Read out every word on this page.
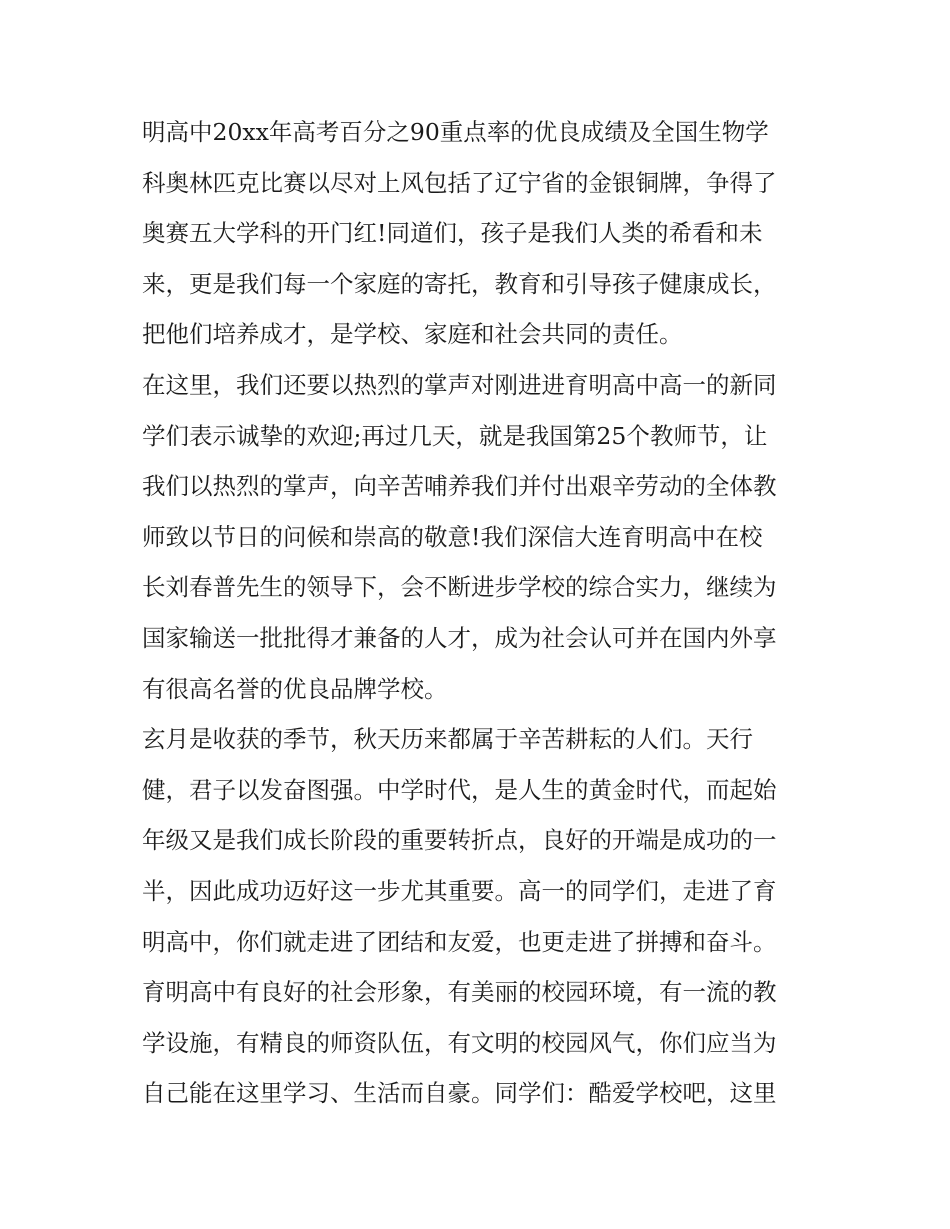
明高中20xx年高考百分之90重点率的优良成绩及全国生物学
科奥林匹克比赛以尽对上风包括了辽宁省的金银铜牌，争得了
奥赛五大学科的开门红!同道们，孩子是我们人类的希看和未
来，更是我们每一个家庭的寄托，教育和引导孩子健康成长，
把他们培养成才，是学校、家庭和社会共同的责任。
在这里，我们还要以热烈的掌声对刚进进育明高中高一的新同
学们表示诚挚的欢迎;再过几天，就是我国第25个教师节，让
我们以热烈的掌声，向辛苦哺养我们并付出艰辛劳动的全体教
师致以节日的问候和崇高的敬意!我们深信大连育明高中在校
长刘春普先生的领导下，会不断进步学校的综合实力，继续为
国家输送一批批得才兼备的人才，成为社会认可并在国内外享
有很高名誉的优良品牌学校。
玄月是收获的季节，秋天历来都属于辛苦耕耘的人们。天行
健，君子以发奋图强。中学时代，是人生的黄金时代，而起始
年级又是我们成长阶段的重要转折点，良好的开端是成功的一
半，因此成功迈好这一步尤其重要。高一的同学们，走进了育
明高中，你们就走进了团结和友爱，也更走进了拼搏和奋斗。
育明高中有良好的社会形象，有美丽的校园环境，有一流的教
学设施，有精良的师资队伍，有文明的校园风气，你们应当为
自己能在这里学习、生活而自豪。同学们：酷爱学校吧，这里
